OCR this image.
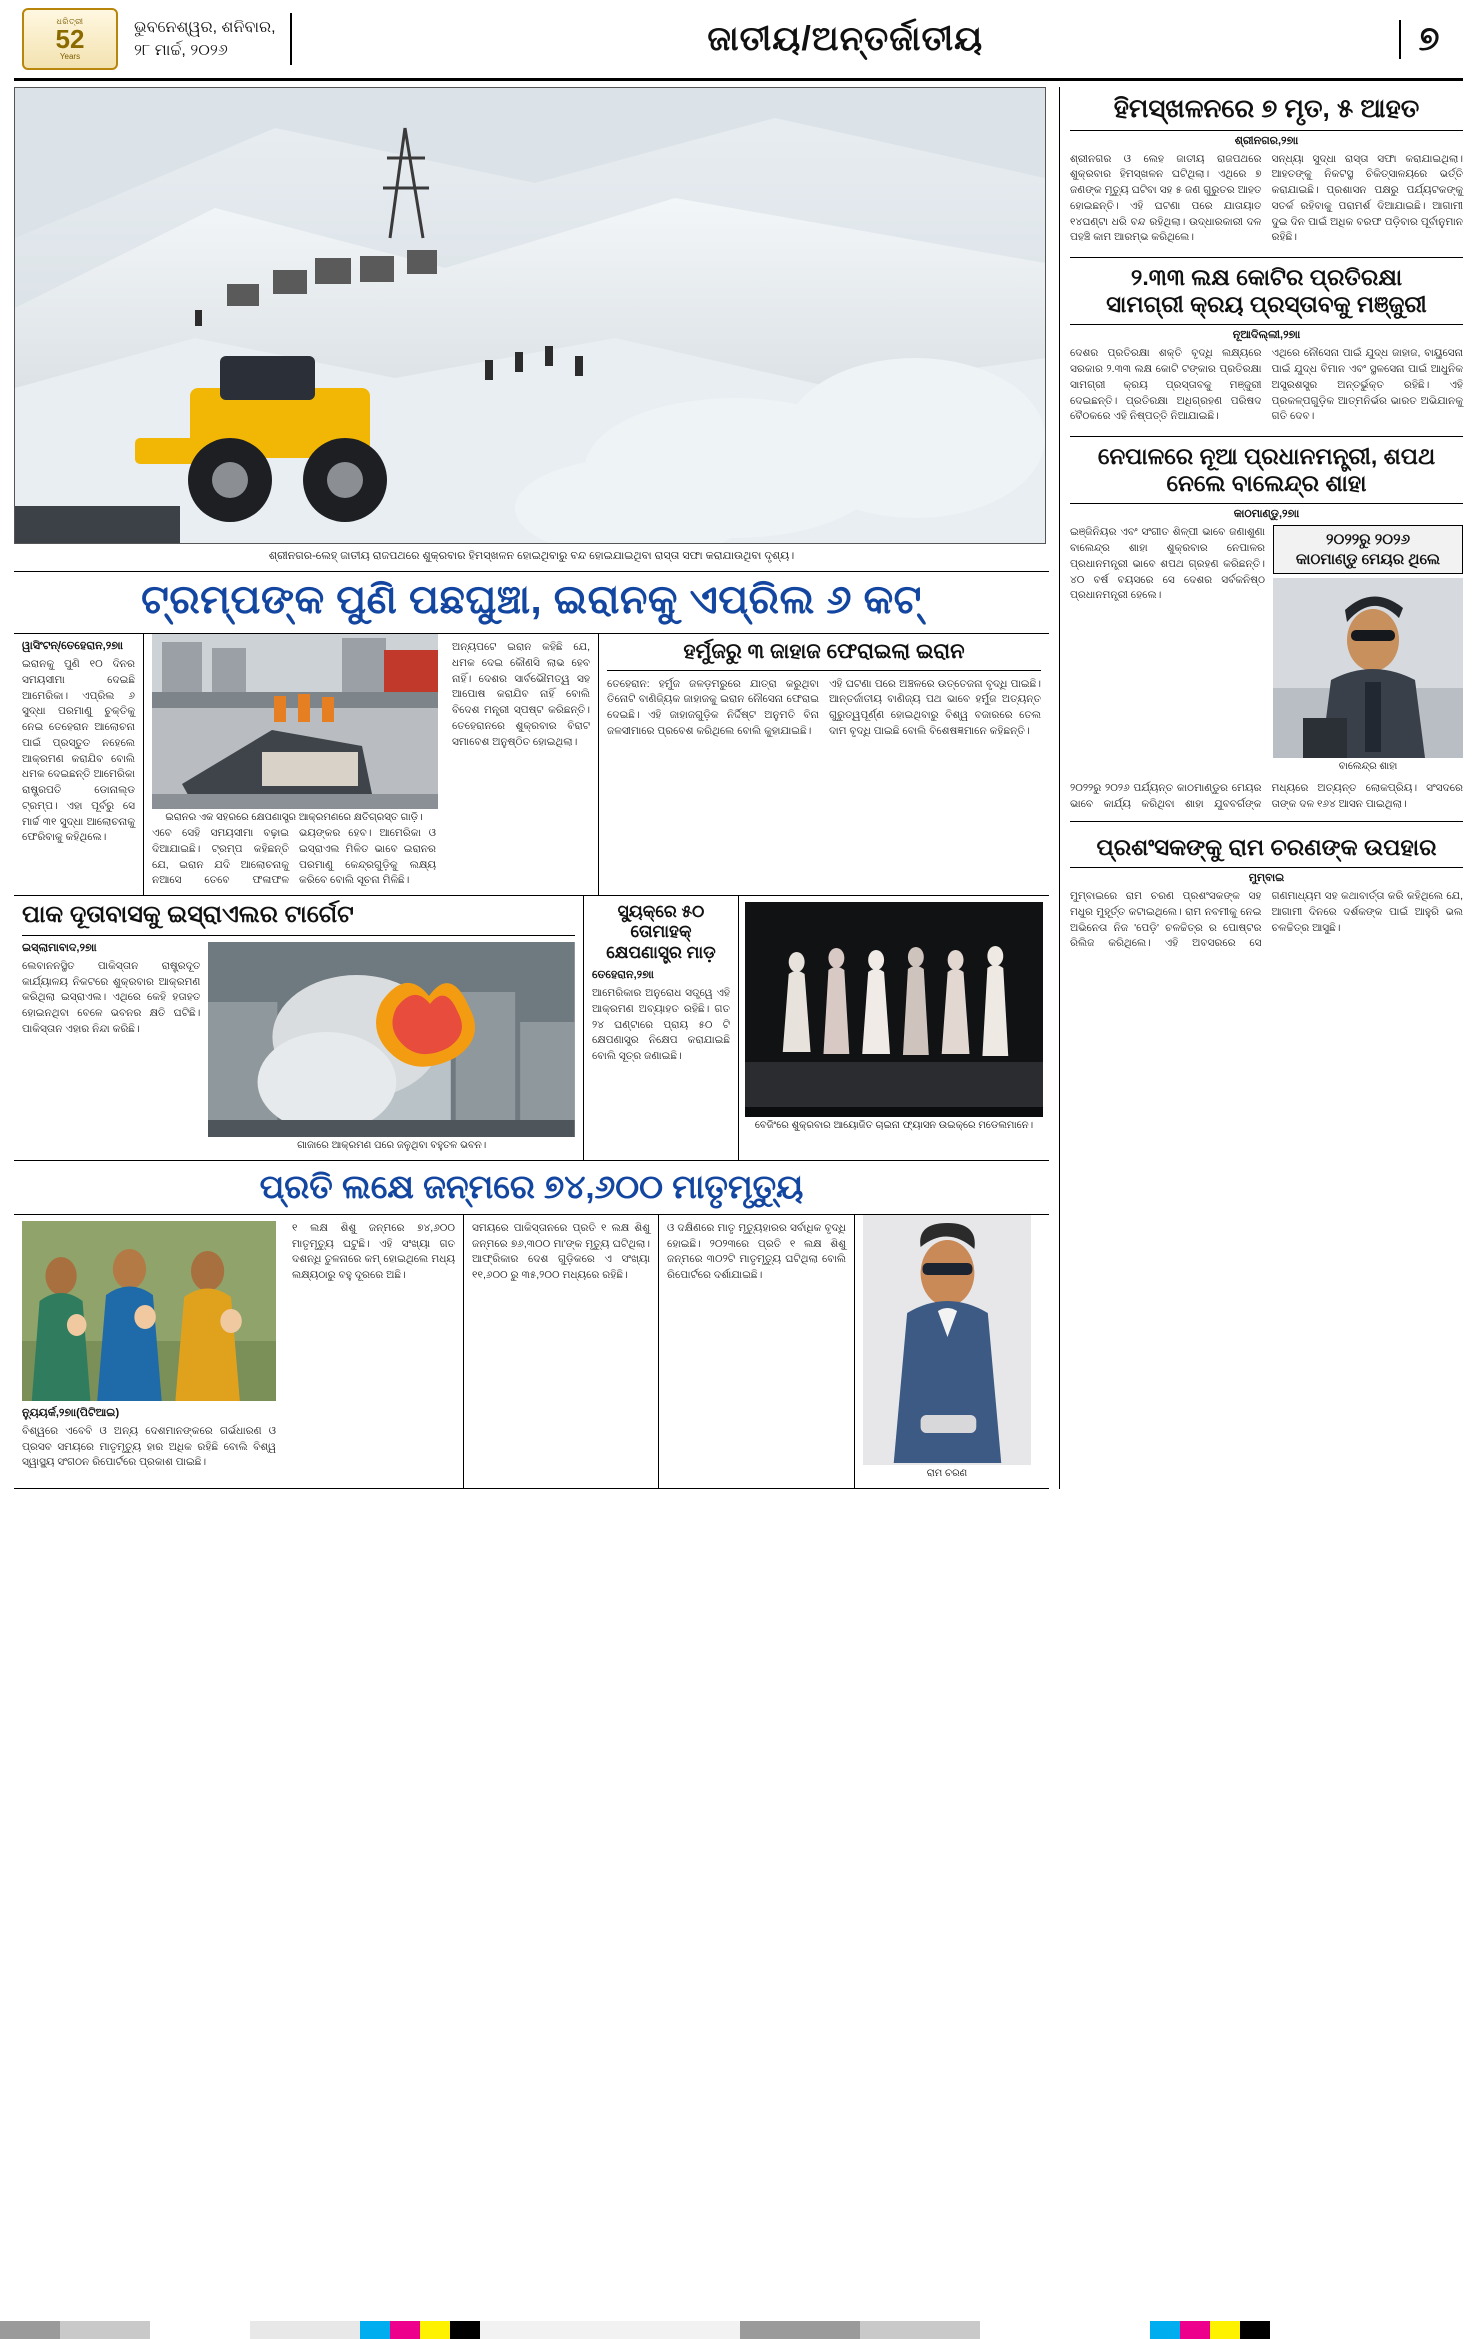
ଧରିତ୍ରୀ
52
Years
ଭୁବନେଶ୍ୱର, ଶନିବାର,
୨୮ ମାର୍ଚ୍ଚ, ୨୦୨୬	ଜାତୀୟ/ଅନ୍ତର୍ଜାତୀୟ	୭
ଶ୍ରୀନଗର-ଲେହ୍ ଜାତୀୟ ରାଜପଥରେ ଶୁକ୍ରବାର ହିମସ୍ଖଳନ ହୋଇଥିବାରୁ ବନ୍ଦ ହୋଇଯାଇଥିବା ରାସ୍ତା ସଫା କରାଯାଉଥିବା ଦୃଶ୍ୟ।
ଟ୍ରମ୍ପଙ୍କ ପୁଣି ପଛଘୁଞ୍ଚା, ଇରାନକୁ ଏପ୍ରିଲ ୬ କଟ୍
ୱାସିଂଟନ୍/ତେହେରାନ,୨୭ାା
ଇରାନକୁ ପୁଣି ୧୦ ଦିନର ସମୟସୀମା ଦେଇଛି ଆମେରିକା। ଏପ୍ରିଲ ୬ ସୁଦ୍ଧା ପରମାଣୁ ଚୁକ୍ତିକୁ ନେଇ ତେହେରାନ ଆଲୋଚନା ପାଇଁ ପ୍ରସ୍ତୁତ ନହେଲେ ଆକ୍ରମଣ କରାଯିବ ବୋଲି ଧମକ ଦେଇଛନ୍ତି ଆମେରିକା ରାଷ୍ଟ୍ରପତି ଡୋନାଲ୍ଡ ଟ୍ରମ୍ପ। ଏହା ପୂର୍ବରୁ ସେ ମାର୍ଚ୍ଚ ୩୧ ସୁଦ୍ଧା ଆଲୋଚନାକୁ ଫେରିବାକୁ କହିଥିଲେ।
ଇରାନର ଏକ ସହରରେ କ୍ଷେପଣାସ୍ତ୍ର ଆକ୍ରମଣରେ କ୍ଷତିଗ୍ରସ୍ତ ଗାଡ଼ି।
ଏବେ ସେହି ସମୟସୀମା ବଢ଼ାଇ ଦିଆଯାଇଛି। ଟ୍ରମ୍ପ କହିଛନ୍ତି ଯେ, ଇରାନ ଯଦି ଆଲୋଚନାକୁ ନଆସେ ତେବେ ଫଳାଫଳ ଭୟଙ୍କର ହେବ। ଆମେରିକା ଓ ଇସ୍ରାଏଲ ମିଳିତ ଭାବେ ଇରାନର ପରମାଣୁ କେନ୍ଦ୍ରଗୁଡ଼ିକୁ ଲକ୍ଷ୍ୟ କରିବେ ବୋଲି ସୂଚନା ମିଳିଛି।
ଅନ୍ୟପଟେ ଇରାନ କହିଛି ଯେ, ଧମକ ଦେଇ କୌଣସି ଲାଭ ହେବ ନାହିଁ। ଦେଶର ସାର୍ବଭୌମତ୍ୱ ସହ ଆପୋଷ କରାଯିବ ନାହିଁ ବୋଲି ବିଦେଶ ମନ୍ତ୍ରୀ ସ୍ପଷ୍ଟ କରିଛନ୍ତି। ତେହେରାନରେ ଶୁକ୍ରବାର ବିରାଟ ସମାବେଶ ଅନୁଷ୍ଠିତ ହୋଇଥିଲା।
ହର୍ମୁଜରୁ ୩ ଜାହାଜ ଫେରାଇଲା ଇରାନ
ତେହେରାନ: ହର୍ମୁଜ ଜଳଡ଼ମରୁରେ ଯାତ୍ରା କରୁଥିବା ତିନୋଟି ବାଣିଜ୍ୟିକ ଜାହାଜକୁ ଇରାନ ନୌସେନା ଫେରାଇ ଦେଇଛି। ଏହି ଜାହାଜଗୁଡ଼ିକ ନିର୍ଦ୍ଦିଷ୍ଟ ଅନୁମତି ବିନା ଜଳସୀମାରେ ପ୍ରବେଶ କରିଥିଲେ ବୋଲି କୁହାଯାଇଛି।
ଏହି ଘଟଣା ପରେ ଅଞ୍ଚଳରେ ଉତ୍ତେଜନା ବୃଦ୍ଧି ପାଇଛି। ଆନ୍ତର୍ଜାତୀୟ ବାଣିଜ୍ୟ ପଥ ଭାବେ ହର୍ମୁଜ ଅତ୍ୟନ୍ତ ଗୁରୁତ୍ୱପୂର୍ଣ୍ଣ ହୋଇଥିବାରୁ ବିଶ୍ୱ ବଜାରରେ ତେଲ ଦାମ ବୃଦ୍ଧି ପାଇଛି ବୋଲି ବିଶେଷଜ୍ଞମାନେ କହିଛନ୍ତି।
ପାକ ଦୂତାବାସକୁ ଇସ୍ରାଏଲର ଟାର୍ଗେଟ
ଇସ୍ଲାମାବାଦ,୨୭ାା
ଲେବାନନସ୍ଥିତ ପାକିସ୍ତାନ ରାଷ୍ଟ୍ରଦୂତ କାର୍ଯ୍ୟାଳୟ ନିକଟରେ ଶୁକ୍ରବାର ଆକ୍ରମଣ କରିଥିଲା ଇସ୍ରାଏଲ। ଏଥିରେ କେହି ହତାହତ ହୋଇନଥିବା ବେଳେ ଭବନର କ୍ଷତି ଘଟିଛି। ପାକିସ୍ତାନ ଏହାର ନିନ୍ଦା କରିଛି।
ଗାଜାରେ ଆକ୍ରମଣ ପରେ ଜଳୁଥିବା ବହୁତଳ ଭବନ।
ସ୍ୟୁକ୍‌ରେ ୫୦ ତୋମାହକ୍ କ୍ଷେପଣାସ୍ତ୍ର ମାଡ଼
ତେହେରାନ,୨୭ାା
ଆମେରିକାର ଅନୁରୋଧ ସତ୍ତ୍ୱେ ଏହି ଆକ୍ରମଣ ଅବ୍ୟାହତ ରହିଛି। ଗତ ୨୪ ଘଣ୍ଟାରେ ପ୍ରାୟ ୫୦ ଟି କ୍ଷେପଣାସ୍ତ୍ର ନିକ୍ଷେପ କରାଯାଇଛି ବୋଲି ସୂତ୍ର ଜଣାଇଛି।
ବେଜିଂରେ ଶୁକ୍ରବାର ଆୟୋଜିତ ଚାଇନା ଫ୍ୟାସନ ଉଇକ୍‌ରେ ମଡେଲମାନେ।
ପ୍ରତି ଲକ୍ଷେ ଜନ୍ମରେ ୭୪,୬୦୦ ମାତୃମୃତ୍ୟୁ
ନ୍ୟୁୟର୍କ,୨୭ାା(ପିଟିଆଇ)
ବିଶ୍ୱରେ ଏବେବି ଓ ଅନ୍ୟ ଦେଶମାନଙ୍କରେ ଗର୍ଭଧାରଣ ଓ ପ୍ରସବ ସମୟରେ ମାତୃମୃତ୍ୟୁ ହାର ଅଧିକ ରହିଛି ବୋଲି ବିଶ୍ୱ ସ୍ୱାସ୍ଥ୍ୟ ସଂଗଠନ ରିପୋର୍ଟରେ ପ୍ରକାଶ ପାଇଛି।
୧ ଲକ୍ଷ ଶିଶୁ ଜନ୍ମରେ ୭୪,୬୦୦ ମାତୃମୃତ୍ୟୁ ଘଟୁଛି। ଏହି ସଂଖ୍ୟା ଗତ ଦଶନ୍ଧି ତୁଳନାରେ କମ୍ ହୋଇଥିଲେ ମଧ୍ୟ ଲକ୍ଷ୍ୟଠାରୁ ବହୁ ଦୂରରେ ଅଛି।
ସମୟରେ ପାକିସ୍ତାନରେ ପ୍ରତି ୧ ଲକ୍ଷ ଶିଶୁ ଜନ୍ମରେ ୭୬,୩୦୦ ମା'ଙ୍କ ମୃତ୍ୟୁ ଘଟିଥିଲା। ଆଫ୍ରିକାର ଦେଶ ଗୁଡ଼ିକରେ ଏ ସଂଖ୍ୟା ୧୧,୬୦୦ ରୁ ୩୫,୨୦୦ ମଧ୍ୟରେ ରହିଛି।
ଓ ଦକ୍ଷିଣରେ ମାତୃ ମୃତ୍ୟୁହାରର ସର୍ବାଧିକ ବୃଦ୍ଧି ହୋଇଛି। ୨୦୨୩ରେ ପ୍ରତି ୧ ଲକ୍ଷ ଶିଶୁ ଜନ୍ମରେ ୩୦୨ଟି ମାତୃମୃତ୍ୟୁ ଘଟିଥିଲା ବୋଲି ରିପୋର୍ଟରେ ଦର୍ଶାଯାଇଛି।
ରାମ ଚରଣ
ହିମସ୍ଖଳନରେ ୭ ମୃତ, ୫ ଆହତ
ଶ୍ରୀନଗର,୨୭ାା
ଶ୍ରୀନଗର ଓ ଲେହ ଜାତୀୟ ରାଜପଥରେ ଶୁକ୍ରବାର ହିମସ୍ଖଳନ ଘଟିଥିଲା। ଏଥିରେ ୭ ଜଣଙ୍କ ମୃତ୍ୟୁ ଘଟିବା ସହ ୫ ଜଣ ଗୁରୁତର ଆହତ ହୋଇଛନ୍ତି। ଏହି ଘଟଣା ପରେ ଯାତାୟାତ ୧୪ଘଣ୍ଟା ଧରି ବନ୍ଦ ରହିଥିଲା। ଉଦ୍ଧାରକାରୀ ଦଳ ପହଞ୍ଚି କାମ ଆରମ୍ଭ କରିଥିଲେ।
ସନ୍ଧ୍ୟା ସୁଦ୍ଧା ରାସ୍ତା ସଫା କରାଯାଇଥିଲା। ଆହତଙ୍କୁ ନିକଟସ୍ଥ ଚିକିତ୍ସାଳୟରେ ଭର୍ତ୍ତି କରାଯାଇଛି। ପ୍ରଶାସନ ପକ୍ଷରୁ ପର୍ଯ୍ୟଟକଙ୍କୁ ସତର୍କ ରହିବାକୁ ପରାମର୍ଶ ଦିଆଯାଇଛି। ଆଗାମୀ ଦୁଇ ଦିନ ପାଇଁ ଅଧିକ ବରଫ ପଡ଼ିବାର ପୂର୍ବାନୁମାନ ରହିଛି।
୨.୩୩ ଲକ୍ଷ କୋଟିର ପ୍ରତିରକ୍ଷା
ସାମଗ୍ରୀ କ୍ରୟ ପ୍ରସ୍ତାବକୁ ମଞ୍ଜୁରୀ
ନୂଆଦିଲ୍ଲୀ,୨୭ାା
ଦେଶର ପ୍ରତିରକ୍ଷା ଶକ୍ତି ବୃଦ୍ଧି ଲକ୍ଷ୍ୟରେ ସରକାର ୨.୩୩ ଲକ୍ଷ କୋଟି ଟଙ୍କାର ପ୍ରତିରକ୍ଷା ସାମଗ୍ରୀ କ୍ରୟ ପ୍ରସ୍ତାବକୁ ମଞ୍ଜୁରୀ ଦେଇଛନ୍ତି। ପ୍ରତିରକ୍ଷା ଅଧିଗ୍ରହଣ ପରିଷଦ ବୈଠକରେ ଏହି ନିଷ୍ପତ୍ତି ନିଆଯାଇଛି।
ଏଥିରେ ନୌସେନା ପାଇଁ ଯୁଦ୍ଧ ଜାହାଜ, ବାୟୁସେନା ପାଇଁ ଯୁଦ୍ଧ ବିମାନ ଏବଂ ସ୍ଥଳସେନା ପାଇଁ ଆଧୁନିକ ଅସ୍ତ୍ରଶସ୍ତ୍ର ଅନ୍ତର୍ଭୁକ୍ତ ରହିଛି। ଏହି ପ୍ରକଳ୍ପଗୁଡ଼ିକ ଆତ୍ମନିର୍ଭର ଭାରତ ଅଭିଯାନକୁ ଗତି ଦେବ।
ନେପାଳରେ ନୂଆ ପ୍ରଧାନମନ୍ତ୍ରୀ, ଶପଥ ନେଲେ ବାଲେନ୍ଦ୍ର ଶାହା
କାଠମାଣ୍ଡୁ,୨୭ାା
ଇଞ୍ଜିନିୟର ଏବଂ ସଂଗୀତ ଶିଳ୍ପୀ ଭାବେ ଜଣାଶୁଣା ବାଲେନ୍ଦ୍ର ଶାହା ଶୁକ୍ରବାର ନେପାଳର ପ୍ରଧାନମନ୍ତ୍ରୀ ଭାବେ ଶପଥ ଗ୍ରହଣ କରିଛନ୍ତି। ୪୦ ବର୍ଷ ବୟସରେ ସେ ଦେଶର ସର୍ବକନିଷ୍ଠ ପ୍ରଧାନମନ୍ତ୍ରୀ ହେଲେ।
୨୦୨୨ରୁ ୨୦୨୬
କାଠମାଣ୍ଡୁ ମେୟର ଥିଲେ
ବାଲେନ୍ଦ୍ର ଶାହା
୨୦୨୨ରୁ ୨୦୨୬ ପର୍ଯ୍ୟନ୍ତ କାଠମାଣ୍ଡୁର ମେୟର ଭାବେ କାର୍ଯ୍ୟ କରିଥିବା ଶାହା ଯୁବବର୍ଗଙ୍କ ମଧ୍ୟରେ ଅତ୍ୟନ୍ତ ଲୋକପ୍ରିୟ। ସଂସଦରେ ତାଙ୍କ ଦଳ ୧୬୪ ଆସନ ପାଇଥିଲା।
ପ୍ରଶଂସକଙ୍କୁ ରାମ ଚରଣଙ୍କ ଉପହାର
ମୁମ୍ବାଇ
ମୁମ୍ବାଇରେ ରାମ ଚରଣ ପ୍ରଶଂସକଙ୍କ ସହ ମଧୁର ମୁହୂର୍ତ୍ତ କଟାଇଥିଲେ। ରାମ ନବମୀକୁ ନେଇ ଅଭିନେତା ନିଜ 'ପେଡ଼ି' ଚଳଚ୍ଚିତ୍ର ର ପୋଷ୍ଟର ରିଲିଜ କରିଥିଲେ। ଏହି ଅବସରରେ ସେ ଗଣମାଧ୍ୟମ ସହ କଥାବାର୍ତ୍ତା କରି କହିଥିଲେ ଯେ, ଆଗାମୀ ଦିନରେ ଦର୍ଶକଙ୍କ ପାଇଁ ଆହୁରି ଭଲ ଚଳଚ୍ଚିତ୍ର ଆସୁଛି।
